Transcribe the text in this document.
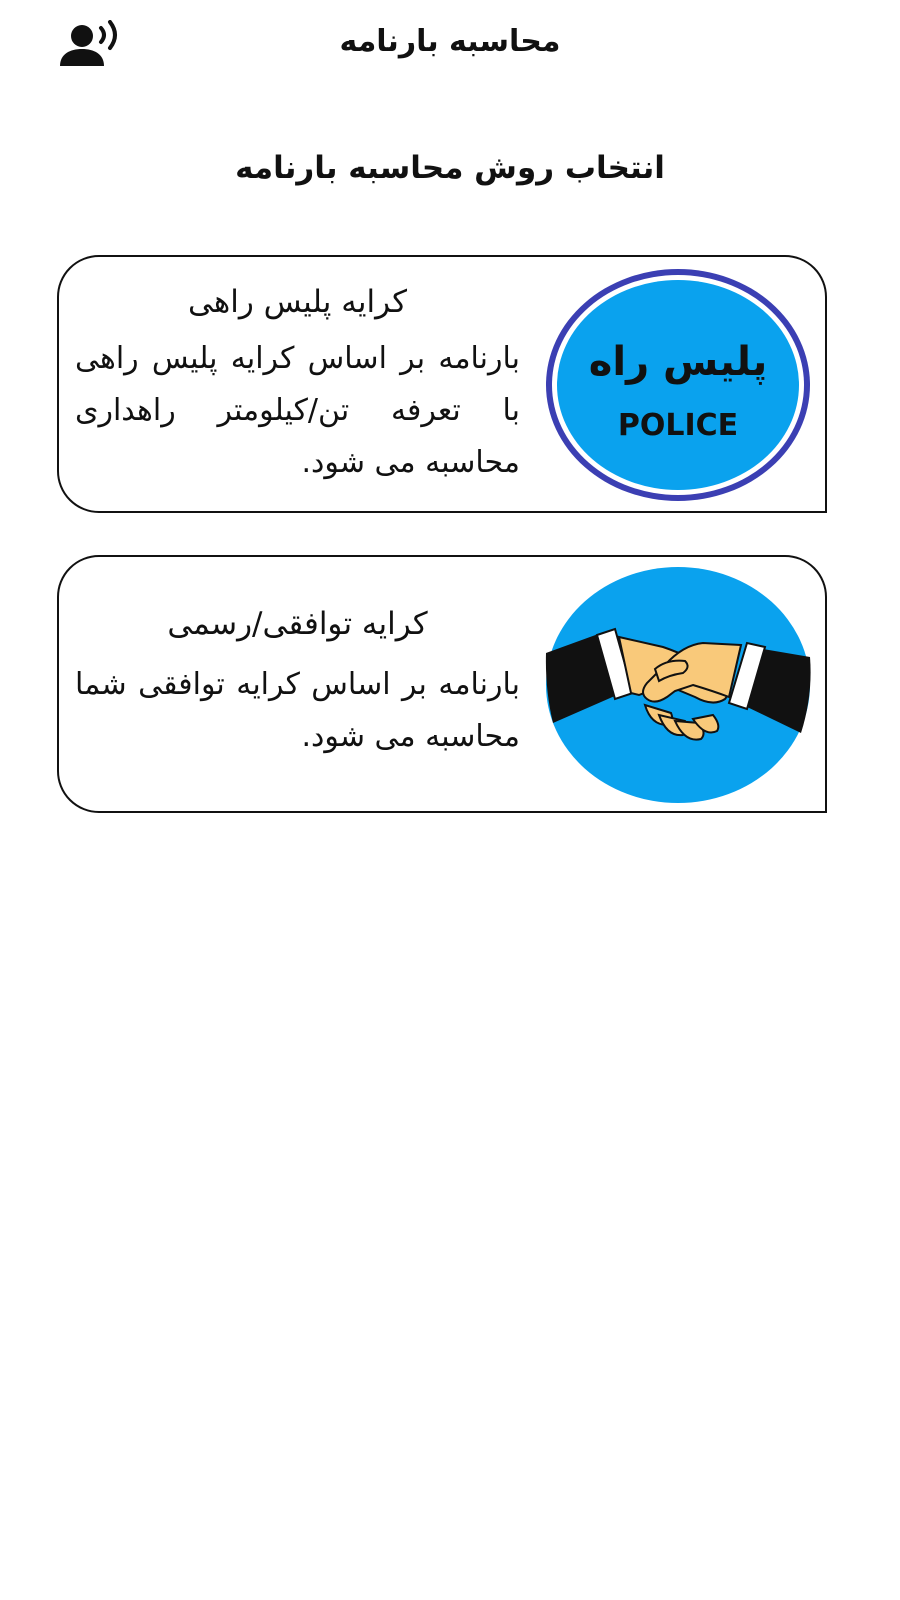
محاسبه بارنامه
انتخاب روش محاسبه بارنامه
پلیس راه
POLICE
کرایه پلیس راهی
بارنامه بر اساس کرایه پلیس راهی با تعرفه تن/کیلومتر راهداری محاسبه می شود.
کرایه توافقی/رسمی
بارنامه بر اساس کرایه توافقی شما محاسبه می شود.
